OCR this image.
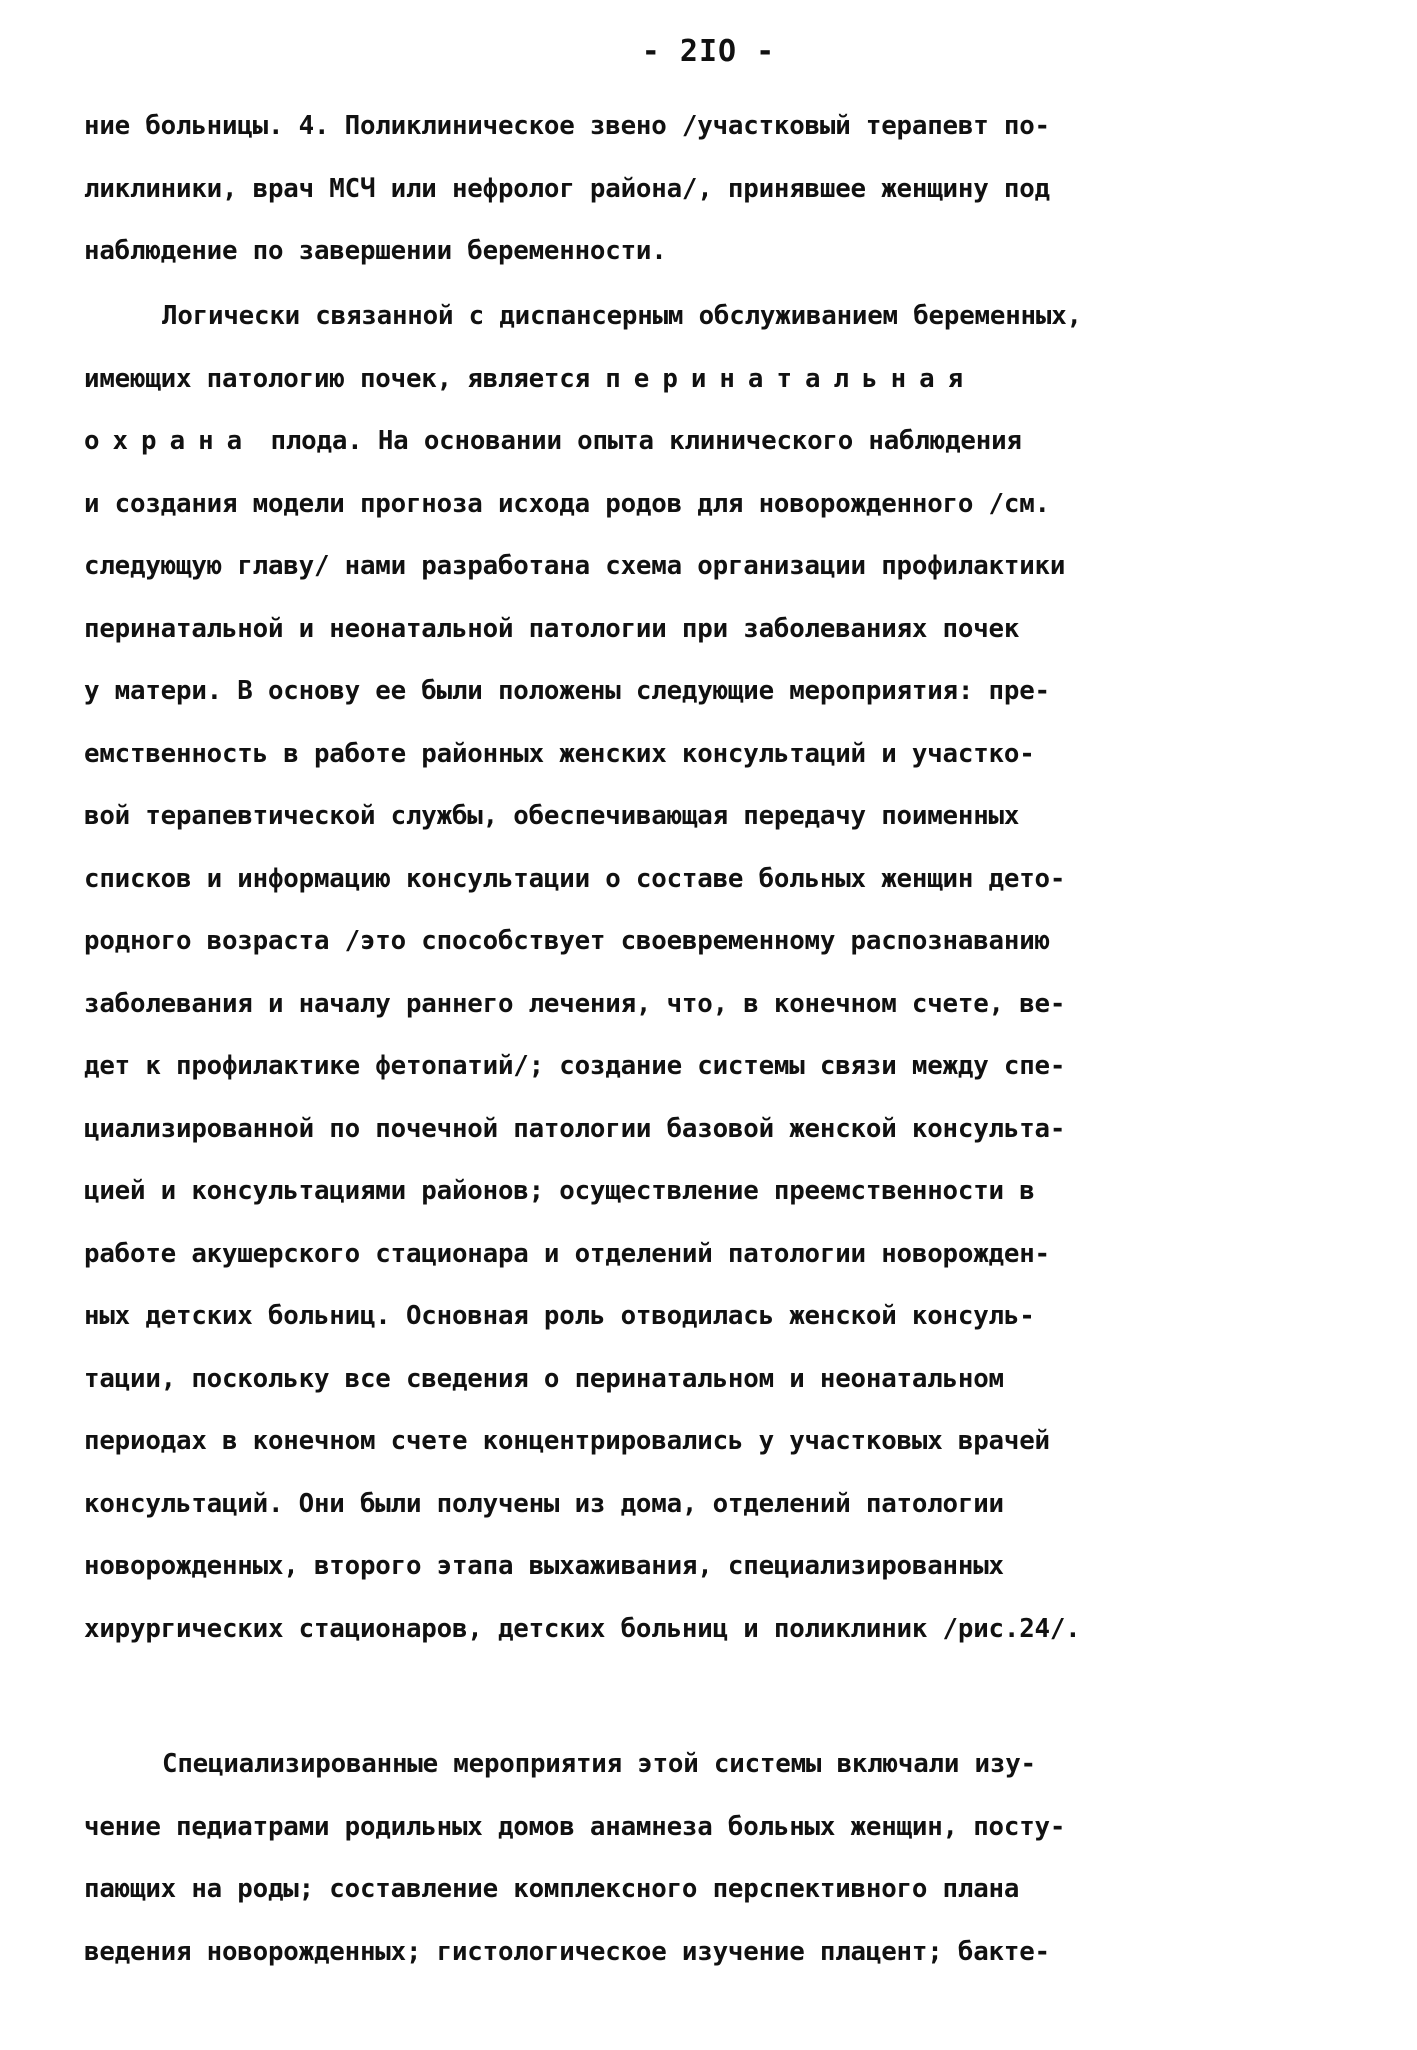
- 2IO -
ние больницы. 4. Поликлиническое звено /участковый терапевт по-
ликлиники, врач МСЧ или нефролог района/, принявшее женщину под
наблюдение по завершении беременности.
Логически связанной с диспансерным обслуживанием беременных,
имеющих патологию почек, является перинатальная
охрана плода. На основании опыта клинического наблюдения
и создания модели прогноза исхода родов для новорожденного /см.
следующую главу/ нами разработана схема организации профилактики
перинатальной и неонатальной патологии при заболеваниях почек
у матери. В основу ее были положены следующие мероприятия: пре-
емственность в работе районных женских консультаций и участко-
вой терапевтической службы, обеспечивающая передачу поименных
списков и информацию консультации о составе больных женщин дето-
родного возраста /это способствует своевременному распознаванию
заболевания и началу раннего лечения, что, в конечном счете, ве-
дет к профилактике фетопатий/; создание системы связи между спе-
циализированной по почечной патологии базовой женской консульта-
цией и консультациями районов; осуществление преемственности в
работе акушерского стационара и отделений патологии новорожден-
ных детских больниц. Основная роль отводилась женской консуль-
тации, поскольку все сведения о перинатальном и неонатальном
периодах в конечном счете концентрировались у участковых врачей
консультаций. Они были получены из дома, отделений патологии
новорожденных, второго этапа выхаживания, специализированных
хирургических стационаров, детских больниц и поликлиник /рис.24/.
Специализированные мероприятия этой системы включали изу-
чение педиатрами родильных домов анамнеза больных женщин, посту-
пающих на роды; составление комплексного перспективного плана
ведения новорожденных; гистологическое изучение плацент; бакте-
